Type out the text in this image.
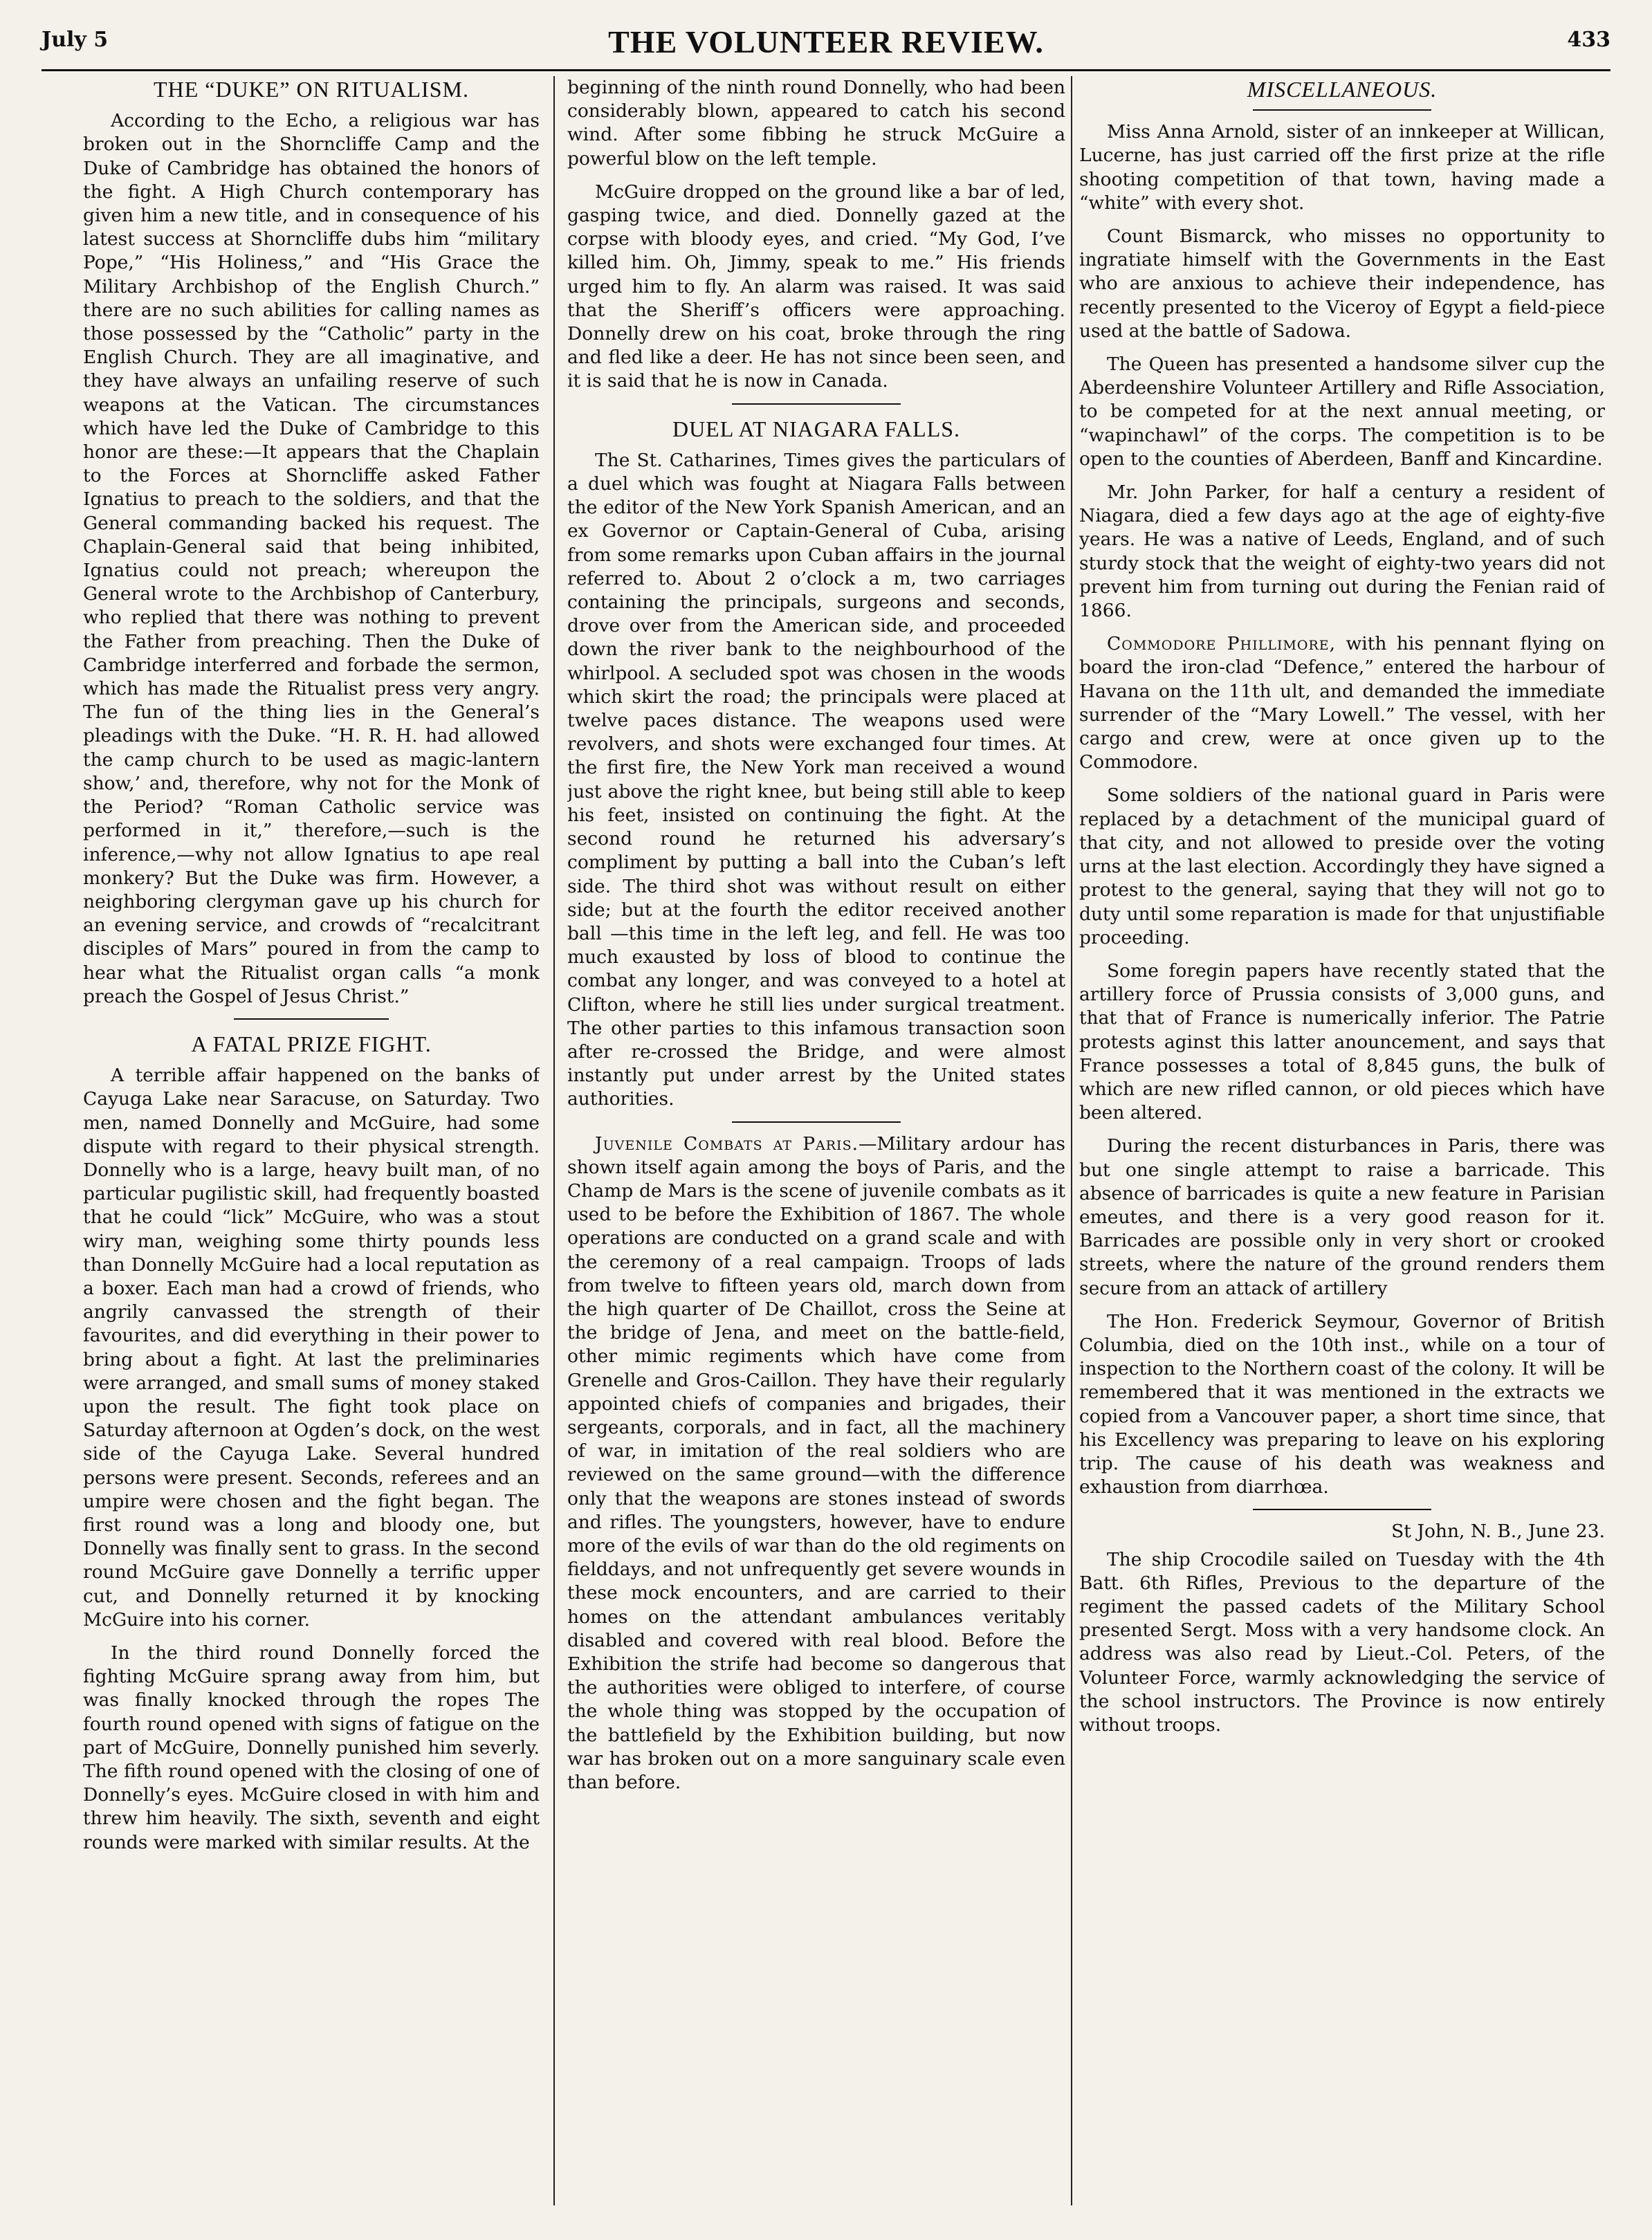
July 5	THE VOLUNTEER REVIEW.	433
THE “DUKE” ON RITUALISM.

According to the Echo, a religious war has broken out in the Shorncliffe Camp and the Duke of Cambridge has obtained the honors of the fight. A High Church contemporary has given him a new title, and in consequence of his latest success at Shorncliffe dubs him “military Pope,” “His Holiness,” and “His Grace the Military Archbishop of the English Church.” there are no such abilities for calling names as those possessed by the “Catholic” party in the English Church. They are all imaginative, and they have always an unfailing reserve of such weapons at the Vatican. The circumstances which have led the Duke of Cambridge to this honor are these:—It appears that the Chaplain to the Forces at Shorncliffe asked Father Ignatius to preach to the soldiers, and that the General commanding backed his request. The Chaplain-General said that being inhibited, Ignatius could not preach; whereupon the General wrote to the Archbishop of Canterbury, who replied that there was nothing to prevent the Father from preaching. Then the Duke of Cambridge interferred and forbade the sermon, which has made the Ritualist press very angry. The fun of the thing lies in the General’s pleadings with the Duke. “H. R. H. had allowed the camp church to be used as magic-lantern show,’ and, therefore, why not for the Monk of the Period? “Roman Catholic service was performed in it,” therefore,—such is the inference,—why not allow Ignatius to ape real monkery? But the Duke was firm. However, a neighboring clergyman gave up his church for an evening service, and crowds of “recalcitrant disciples of Mars” poured in from the camp to hear what the Ritualist organ calls “a monk preach the Gospel of Jesus Christ.”

A FATAL PRIZE FIGHT.

A terrible affair happened on the banks of Cayuga Lake near Saracuse, on Saturday. Two men, named Donnelly and McGuire, had some dispute with regard to their physical strength. Donnelly who is a large, heavy built man, of no particular pugilistic skill, had frequently boasted that he could “lick” McGuire, who was a stout wiry man, weighing some thirty pounds less than Donnelly McGuire had a local reputation as a boxer. Each man had a crowd of friends, who angrily canvassed the strength of their favourites, and did everything in their power to bring about a fight. At last the preliminaries were arranged, and small sums of money staked upon the result. The fight took place on Saturday afternoon at Ogden’s dock, on the west side of the Cayuga Lake. Several hundred persons were present. Seconds, referees and an umpire were chosen and the fight began. The first round was a long and bloody one, but Donnelly was finally sent to grass. In the second round McGuire gave Donnelly a terrific upper cut, and Donnelly returned it by knocking McGuire into his corner.

In the third round Donnelly forced the fighting McGuire sprang away from him, but was finally knocked through the ropes The fourth round opened with signs of fatigue on the part of McGuire, Donnelly punished him severly. The fifth round opened with the closing of one of Donnelly’s eyes. McGuire closed in with him and threw him heavily. The sixth, seventh and eight rounds were marked with similar results. At the

beginning of the ninth round Donnelly, who had been considerably blown, appeared to catch his second wind. After some fibbing he struck McGuire a powerful blow on the left temple.

McGuire dropped on the ground like a bar of led, gasping twice, and died. Donnelly gazed at the corpse with bloody eyes, and cried. “My God, I’ve killed him. Oh, Jimmy, speak to me.” His friends urged him to fly. An alarm was raised. It was said that the Sheriff’s officers were approaching. Donnelly drew on his coat, broke through the ring and fled like a deer. He has not since been seen, and it is said that he is now in Canada.

DUEL AT NIAGARA FALLS.

The St. Catharines, Times gives the particulars of a duel which was fought at Niagara Falls between the editor of the New York Spanish American, and an ex Governor or Captain-General of Cuba, arising from some remarks upon Cuban affairs in the journal referred to. About 2 o’clock a m, two carriages containing the principals, surgeons and seconds, drove over from the American side, and proceeded down the river bank to the neighbourhood of the whirlpool. A secluded spot was chosen in the woods which skirt the road; the principals were placed at twelve paces distance. The weapons used were revolvers, and shots were exchanged four times. At the first fire, the New York man received a wound just above the right knee, but being still able to keep his feet, insisted on continuing the fight. At the second round he returned his adversary’s compliment by putting a ball into the Cuban’s left side. The third shot was without result on either side; but at the fourth the editor received another ball —this time in the left leg, and fell. He was too much exausted by loss of blood to continue the combat any longer, and was conveyed to a hotel at Clifton, where he still lies under surgical treatment. The other parties to this infamous transaction soon after re-crossed the Bridge, and were almost instantly put under arrest by the United states authorities.

Juvenile Combats at Paris.—Military ardour has shown itself again among the boys of Paris, and the Champ de Mars is the scene of juvenile combats as it used to be before the Exhibition of 1867. The whole operations are conducted on a grand scale and with the ceremony of a real campaign. Troops of lads from twelve to fifteen years old, march down from the high quarter of De Chaillot, cross the Seine at the bridge of Jena, and meet on the battle-field, other mimic regiments which have come from Grenelle and Gros-Caillon. They have their regularly appointed chiefs of companies and brigades, their sergeants, corporals, and in fact, all the machinery of war, in imitation of the real soldiers who are reviewed on the same ground—with the difference only that the weapons are stones instead of swords and rifles. The youngsters, however, have to endure more of the evils of war than do the old regiments on fielddays, and not unfrequently get severe wounds in these mock encounters, and are carried to their homes on the attendant ambulances veritably disabled and covered with real blood. Before the Exhibition the strife had become so dangerous that the authorities were obliged to interfere, of course the whole thing was stopped by the occupation of the battlefield by the Exhibition building, but now war has broken out on a more sanguinary scale even than before.

MISCELLANEOUS.

Miss Anna Arnold, sister of an innkeeper at Willican, Lucerne, has just carried off the first prize at the rifle shooting competition of that town, having made a “white” with every shot.

Count Bismarck, who misses no opportunity to ingratiate himself with the Governments in the East who are anxious to achieve their independence, has recently presented to the Viceroy of Egypt a field-piece used at the battle of Sadowa.

The Queen has presented a handsome silver cup the Aberdeenshire Volunteer Artillery and Rifle Association, to be competed for at the next annual meeting, or “wapinchawl” of the corps. The competition is to be open to the counties of Aberdeen, Banff and Kincardine.

Mr. John Parker, for half a century a resident of Niagara, died a few days ago at the age of eighty-five years. He was a native of Leeds, England, and of such sturdy stock that the weight of eighty-two years did not prevent him from turning out during the Fenian raid of 1866.

Commodore Phillimore, with his pennant flying on board the iron-clad “Defence,” entered the harbour of Havana on the 11th ult, and demanded the immediate surrender of the “Mary Lowell.” The vessel, with her cargo and crew, were at once given up to the Commodore.

Some soldiers of the national guard in Paris were replaced by a detachment of the municipal guard of that city, and not allowed to preside over the voting urns at the last election. Accordingly they have signed a protest to the general, saying that they will not go to duty until some reparation is made for that unjustifiable proceeding.

Some foregin papers have recently stated that the artillery force of Prussia consists of 3,000 guns, and that that of France is numerically inferior. The Patrie protests aginst this latter anouncement, and says that France possesses a total of 8,845 guns, the bulk of which are new rifled cannon, or old pieces which have been altered.

During the recent disturbances in Paris, there was but one single attempt to raise a barricade. This absence of barricades is quite a new feature in Parisian emeutes, and there is a very good reason for it. Barricades are possible only in very short or crooked streets, where the nature of the ground renders them secure from an attack of artillery

The Hon. Frederick Seymour, Governor of British Columbia, died on the 10th inst., while on a tour of inspection to the Northern coast of the colony. It will be remembered that it was mentioned in the extracts we copied from a Vancouver paper, a short time since, that his Excellency was preparing to leave on his exploring trip. The cause of his death was weakness and exhaustion from diarrhœa.

St John, N. B., June 23.

The ship Crocodile sailed on Tuesday with the 4th Batt. 6th Rifles, Previous to the departure of the regiment the passed cadets of the Military School presented Sergt. Moss with a very handsome clock. An address was also read by Lieut.-Col. Peters, of the Volunteer Force, warmly acknowledging the service of the school instructors. The Province is now entirely without troops.
